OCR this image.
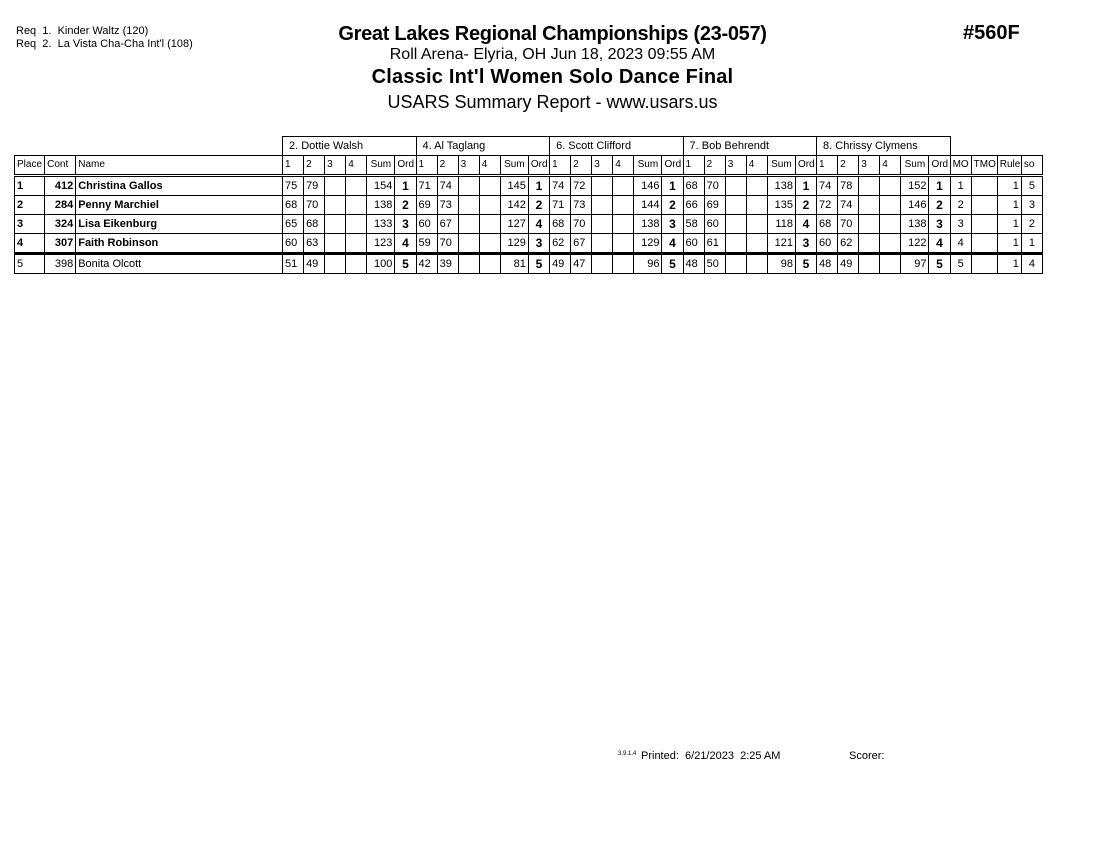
Req  1.  Kinder Waltz (120)
Req  2.  La Vista Cha-Cha Int'l (108)	Great Lakes Regional Championships (23-057)
Roll Arena- Elyria, OH Jun 18, 2023 09:55 AM
Classic Int'l Women Solo Dance Final
USARS Summary Report - www.usars.us
#560F
			2. Dottie Walsh						4. Al Taglang						6. Scott Clifford						7. Bob Behrendt						8. Chrissy Clymens									
Place	Cont	Name	1	2	3	4	Sum	Ord	1	2	3	4	Sum	Ord	1	2	3	4	Sum	Ord	1	2	3	4	Sum	Ord	1	2	3	4	Sum	Ord	MO	TMO	Rule	so
1	412	Christina Gallos	75	79			154	1	71	74			145	1	74	72			146	1	68	70			138	1	74	78			152	1	1		1	5
2	284	Penny Marchiel	68	70			138	2	69	73			142	2	71	73			144	2	66	69			135	2	72	74			146	2	2		1	3
3	324	Lisa Eikenburg	65	68			133	3	60	67			127	4	68	70			138	3	58	60			118	4	68	70			138	3	3		1	2
4	307	Faith Robinson	60	63			123	4	59	70			129	3	62	67			129	4	60	61			121	3	60	62			122	4	4		1	1
5	398	Bonita Olcott	51	49			100	5	42	39			81	5	49	47			96	5	48	50			98	5	48	49			97	5	5		1	4
3.9.1.4 Printed:  6/21/2023  2:25 AM	Scorer:
